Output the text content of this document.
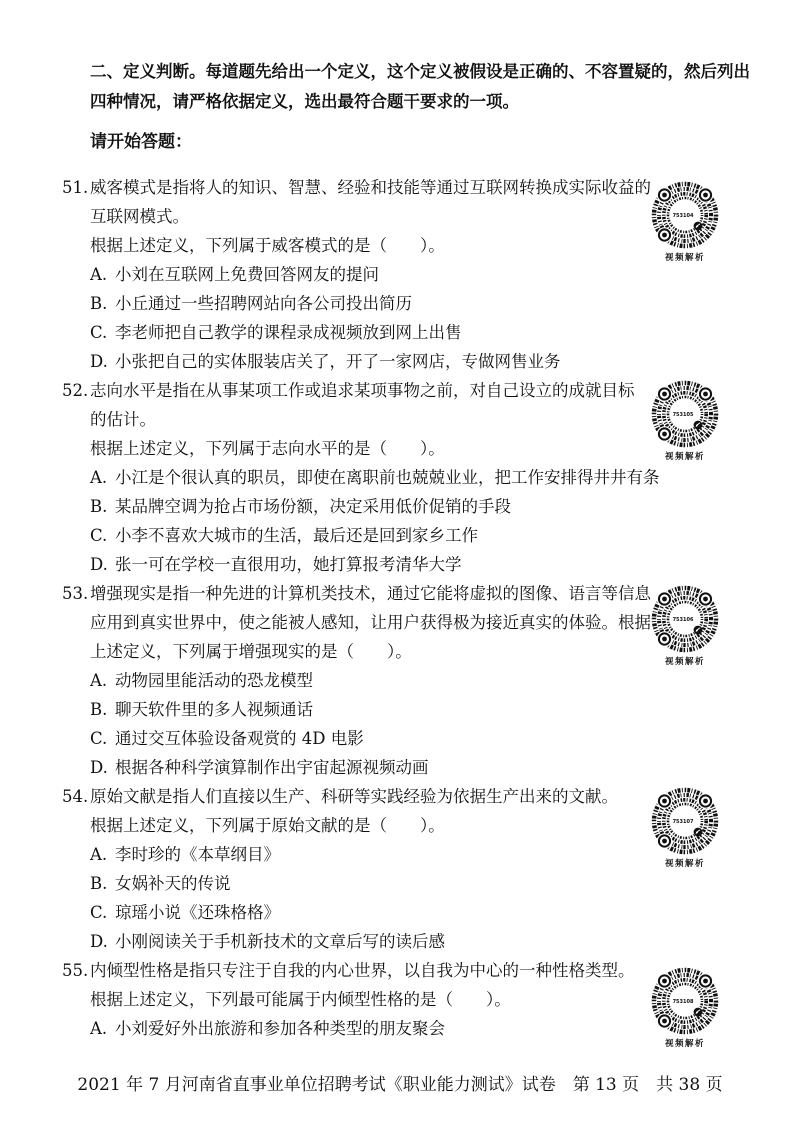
二、定义判断。每道题先给出一个定义，这个定义被假设是正确的、不容置疑的，然后列出
四种情况，请严格依据定义，选出最符合题干要求的一项。
请开始答题：
51. 威客模式是指将人的知识、智慧、经验和技能等通过互联网转换成实际收益的
互联网模式。
根据上述定义，下列属于威客模式的是（　　）。
A. 小刘在互联网上免费回答网友的提问
B. 小丘通过一些招聘网站向各公司投出简历
C. 李老师把自己教学的课程录成视频放到网上出售
D. 小张把自己的实体服装店关了，开了一家网店，专做网售业务
52. 志向水平是指在从事某项工作或追求某项事物之前，对自己设立的成就目标
的估计。
根据上述定义，下列属于志向水平的是（　　）。
A. 小江是个很认真的职员，即使在离职前也兢兢业业，把工作安排得井井有条
B. 某品牌空调为抢占市场份额，决定采用低价促销的手段
C. 小李不喜欢大城市的生活，最后还是回到家乡工作
D. 张一可在学校一直很用功，她打算报考清华大学
53. 增强现实是指一种先进的计算机类技术，通过它能将虚拟的图像、语言等信息
应用到真实世界中，使之能被人感知，让用户获得极为接近真实的体验。根据
上述定义，下列属于增强现实的是（　　）。
A. 动物园里能活动的恐龙模型
B. 聊天软件里的多人视频通话
C. 通过交互体验设备观赏的 4D 电影
D. 根据各种科学演算制作出宇宙起源视频动画
54. 原始文献是指人们直接以生产、科研等实践经验为依据生产出来的文献。
根据上述定义，下列属于原始文献的是（　　）。
A. 李时珍的《本草纲目》
B. 女娲补天的传说
C. 琼瑶小说《还珠格格》
D. 小刚阅读关于手机新技术的文章后写的读后感
55. 内倾型性格是指只专注于自我的内心世界，以自我为中心的一种性格类型。
根据上述定义，下列最可能属于内倾型性格的是（　　）。
A. 小刘爱好外出旅游和参加各种类型的朋友聚会
753104
视频解析
753105
视频解析
753106
视频解析
753107
视频解析
753108
视频解析
2021 年 7 月河南省直事业单位招聘考试《职业能力测试》试卷　第 13 页　共 38 页
